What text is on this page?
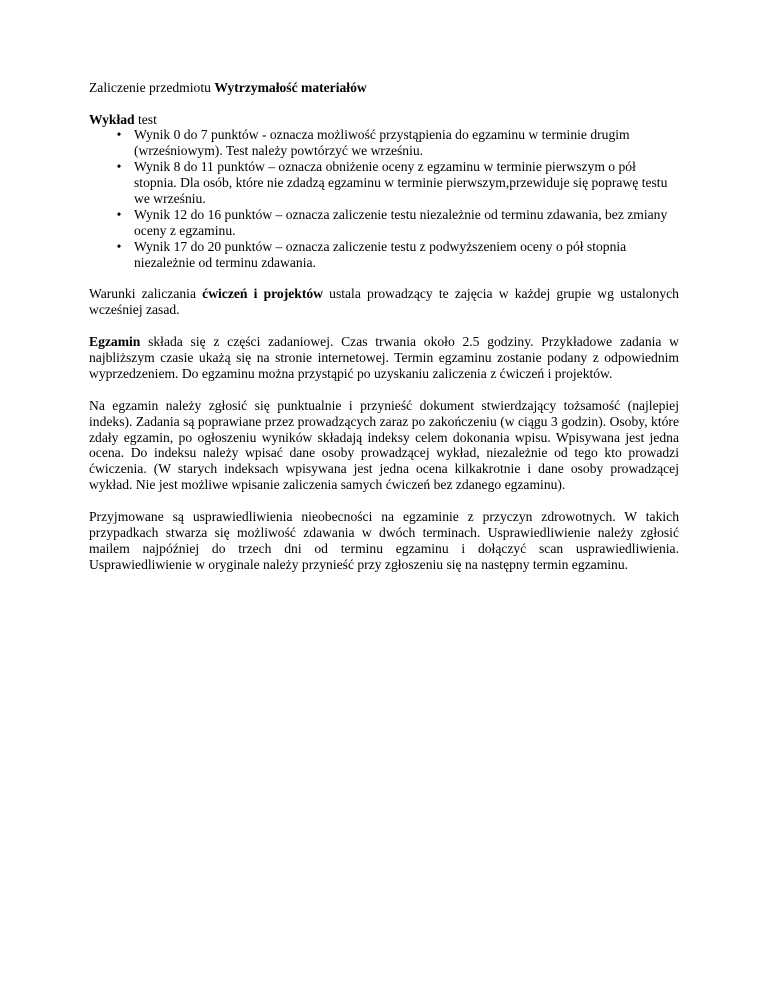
Zaliczenie przedmiotu Wytrzymałość materiałów

Wykład test

•
Wynik 0 do 7 punktów - oznacza możliwość przystąpienia do egzaminu w terminie drugim (wrześniowym). Test należy powtórzyć we wrześniu.
•
Wynik 8 do 11 punktów – oznacza obniżenie oceny z egzaminu w terminie pierwszym o pół stopnia. Dla osób, które nie zdadzą egzaminu w terminie pierwszym,przewiduje się poprawę testu we wrześniu.
•
Wynik 12 do 16 punktów – oznacza zaliczenie testu niezależnie od terminu zdawania, bez zmiany oceny z egzaminu.
•
Wynik 17 do 20 punktów – oznacza zaliczenie testu z podwyższeniem oceny o pół stopnia niezależnie od terminu zdawania.

Warunki zaliczania ćwiczeń i projektów ustala prowadzący te zajęcia w każdej grupie wg ustalonych wcześniej zasad.

Egzamin składa się z części zadaniowej. Czas trwania około 2.5 godziny. Przykładowe zadania w najbliższym czasie ukażą się na stronie internetowej. Termin egzaminu zostanie podany z odpowiednim wyprzedzeniem. Do egzaminu można przystąpić po uzyskaniu zaliczenia z ćwiczeń i projektów.

Na egzamin należy zgłosić się punktualnie i przynieść dokument stwierdzający tożsamość (najlepiej indeks). Zadania są poprawiane przez prowadzących zaraz po zakończeniu (w ciągu 3 godzin). Osoby, które zdały egzamin, po ogłoszeniu wyników składają indeksy celem dokonania wpisu. Wpisywana jest jedna ocena. Do indeksu należy wpisać dane osoby prowadzącej wykład, niezależnie od tego kto prowadzi ćwiczenia. (W starych indeksach wpisywana jest jedna ocena kilkakrotnie i dane osoby prowadzącej wykład. Nie jest możliwe wpisanie zaliczenia samych ćwiczeń bez zdanego egzaminu).

Przyjmowane są usprawiedliwienia nieobecności na egzaminie z przyczyn zdrowotnych. W takich przypadkach stwarza się możliwość zdawania w dwóch terminach. Usprawiedliwienie należy zgłosić mailem najpóźniej do trzech dni od terminu egzaminu i dołączyć scan usprawiedliwienia. Usprawiedliwienie w oryginale należy przynieść przy zgłoszeniu się na następny termin egzaminu.
